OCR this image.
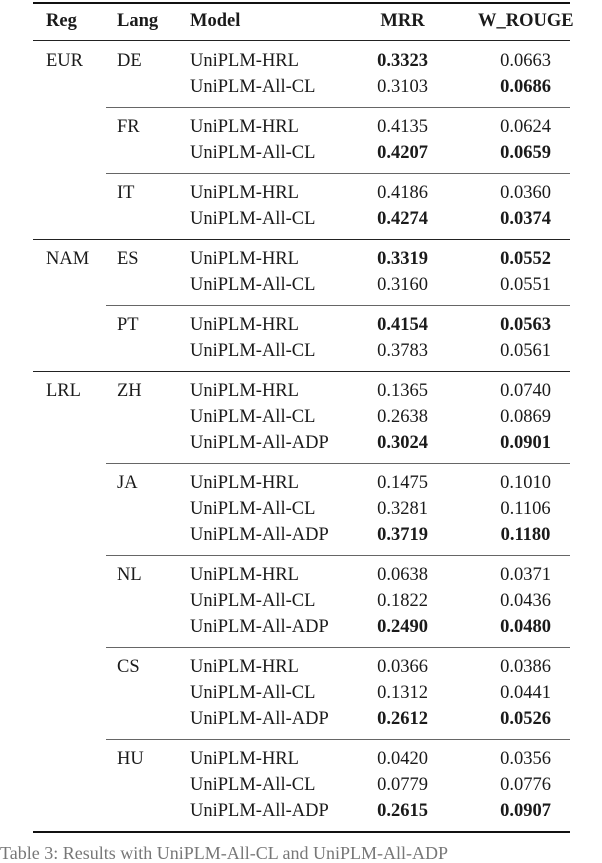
Reg Lang Model	MRR	W_ROUGE
EUR DE	UniPLM-HRL	0.3323	0.0663
UniPLM-All-CL	0.3103	0.0686
FR	UniPLM-HRL	0.4135	0.0624
UniPLM-All-CL	0.4207	0.0659
IT	UniPLM-HRL	0.4186	0.0360
UniPLM-All-CL	0.4274	0.0374
NAM ES	UniPLM-HRL	0.3319	0.0552
UniPLM-All-CL	0.3160	0.0551
PT	UniPLM-HRL	0.4154	0.0563
UniPLM-All-CL	0.3783	0.0561
LRL ZH	UniPLM-HRL	0.1365	0.0740
UniPLM-All-CL	0.2638	0.0869
UniPLM-All-ADP	0.3024	0.0901
JA	UniPLM-HRL	0.1475	0.1010
UniPLM-All-CL	0.3281	0.1106
UniPLM-All-ADP	0.3719	0.1180
NL	UniPLM-HRL	0.0638	0.0371
UniPLM-All-CL	0.1822	0.0436
UniPLM-All-ADP	0.2490	0.0480
CS	UniPLM-HRL	0.0366	0.0386
UniPLM-All-CL	0.1312	0.0441
UniPLM-All-ADP	0.2612	0.0526
HU	UniPLM-HRL	0.0420	0.0356
UniPLM-All-CL	0.0779	0.0776
UniPLM-All-ADP	0.2615	0.0907
Table 3: Results with UniPLM-All-CL and UniPLM-All-ADP
